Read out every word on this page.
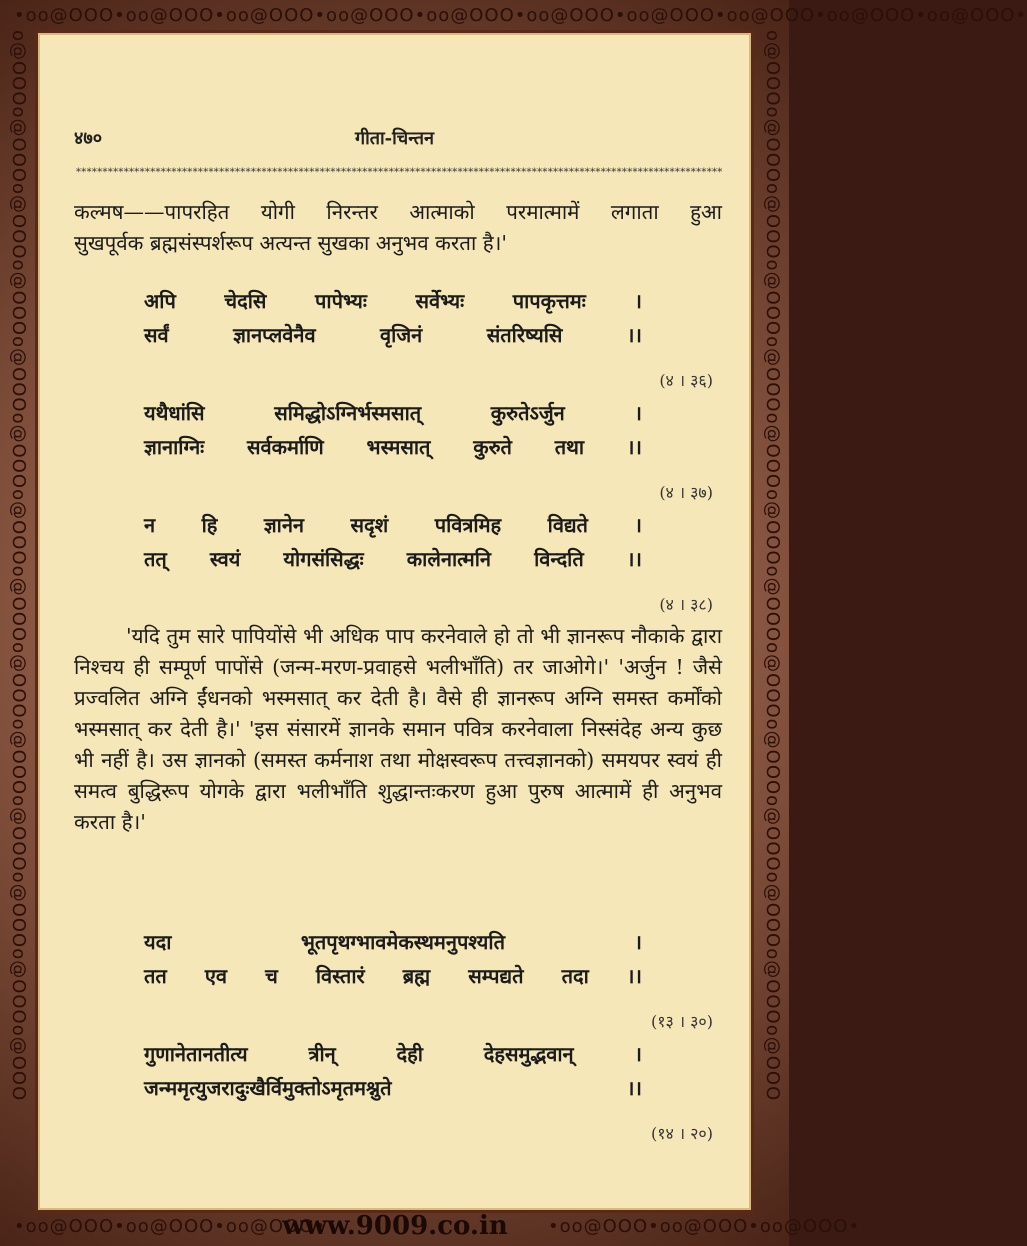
•oo@OOO•oo@OOO•oo@OOO•oo@OOO•oo@OOO•oo@OOO•oo@OOO•oo@OOO•oo@OOO•oo@OOO•
o@OOOo@OOOo@OOOo@OOOo@OOOo@OOOo@OOOo@OOOo@OOOo@OOOo@OOOo@OOOo@OOOo@OOO	o@OOOo@OOOo@OOOo@OOOo@OOOo@OOOo@OOOo@OOOo@OOOo@OOOo@OOOo@OOOo@OOOo@OOO
•oo@OOO•oo@OOO•oo@OOO•	•oo@OOO•oo@OOO•oo@OOO•
www.9009.co.in
४७०	गीता-चिन्तन
**************************************************************************************************************************
कल्मष——पापरहित योगी निरन्तर आत्माको परमात्मामें लगाता हुआ
सुखपूर्वक ब्रह्मसंस्पर्शरूप अत्यन्त सुखका अनुभव करता है।'
अपि चेदसि पापेभ्यः सर्वेभ्यः पापकृत्तमः ।
सर्वं ज्ञानप्लवेनैव वृजिनं संतरिष्यसि ।।
(४ । ३६)
यथैधांसि समिद्धोऽग्निर्भस्मसात् कुरुतेऽर्जुन ।
ज्ञानाग्निः सर्वकर्माणि भस्मसात् कुरुते तथा ।।
(४ । ३७)
न हि ज्ञानेन सदृशं पवित्रमिह विद्यते ।
तत् स्वयं योगसंसिद्धः कालेनात्मनि विन्दति ।।
(४ । ३८)
'यदि तुम सारे पापियोंसे भी अधिक पाप करनेवाले हो तो भी ज्ञानरूप नौकाके द्वारा निश्चय ही सम्पूर्ण पापोंसे (जन्म-मरण-प्रवाहसे भलीभाँति) तर जाओगे।' 'अर्जुन ! जैसे प्रज्वलित अग्नि ईंधनको भस्मसात् कर देती है। वैसे ही ज्ञानरूप अग्नि समस्त कर्मोंको भस्मसात् कर देती है।' 'इस संसारमें ज्ञानके समान पवित्र करनेवाला निस्संदेह अन्य कुछ भी नहीं है। उस ज्ञानको (समस्त कर्मनाश तथा मोक्षस्वरूप तत्त्वज्ञानको) समयपर स्वयं ही समत्व बुद्धिरूप योगके द्वारा भलीभाँति शुद्धान्तःकरण हुआ पुरुष आत्मामें ही अनुभव करता है।'
यदा भूतपृथग्भावमेकस्थमनुपश्यति ।
तत एव च विस्तारं ब्रह्म सम्पद्यते तदा ।।
(१३ । ३०)
गुणानेतानतीत्य त्रीन् देही देहसमुद्भवान् ।
जन्ममृत्युजरादुःखैर्विमुक्तोऽमृतमश्नुते ।।
(१४ । २०)
